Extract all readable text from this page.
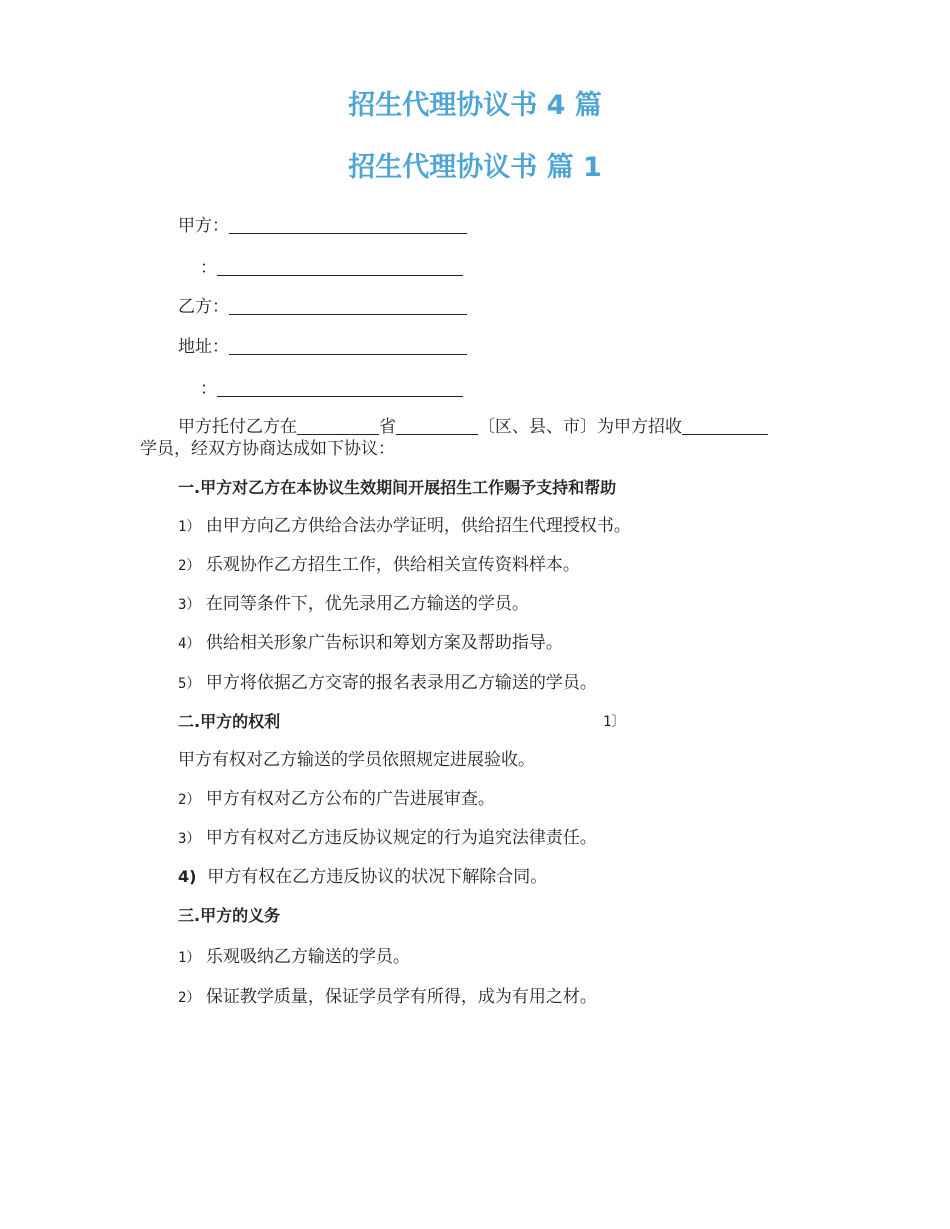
招生代理协议书 4 篇
招生代理协议书 篇 1
甲方：
：
乙方：
地址：
：
甲方托付乙方在	省	〔区、县、市〕为甲方招收
学员，经双方协商达成如下协议：
一.甲方对乙方在本协议生效期间开展招生工作赐予支持和帮助
1） 由甲方向乙方供给合法办学证明，供给招生代理授权书。
2） 乐观协作乙方招生工作，供给相关宣传资料样本。
3） 在同等条件下，优先录用乙方输送的学员。
4） 供给相关形象广告标识和筹划方案及帮助指导。
5） 甲方将依据乙方交寄的报名表录用乙方输送的学员。
二.甲方的权利	1〕
甲方有权对乙方输送的学员依照规定进展验收。
2） 甲方有权对乙方公布的广告进展审查。
3） 甲方有权对乙方违反协议规定的行为追究法律责任。
4) 甲方有权在乙方违反协议的状况下解除合同。
三.甲方的义务
1） 乐观吸纳乙方输送的学员。
2） 保证教学质量，保证学员学有所得，成为有用之材。
